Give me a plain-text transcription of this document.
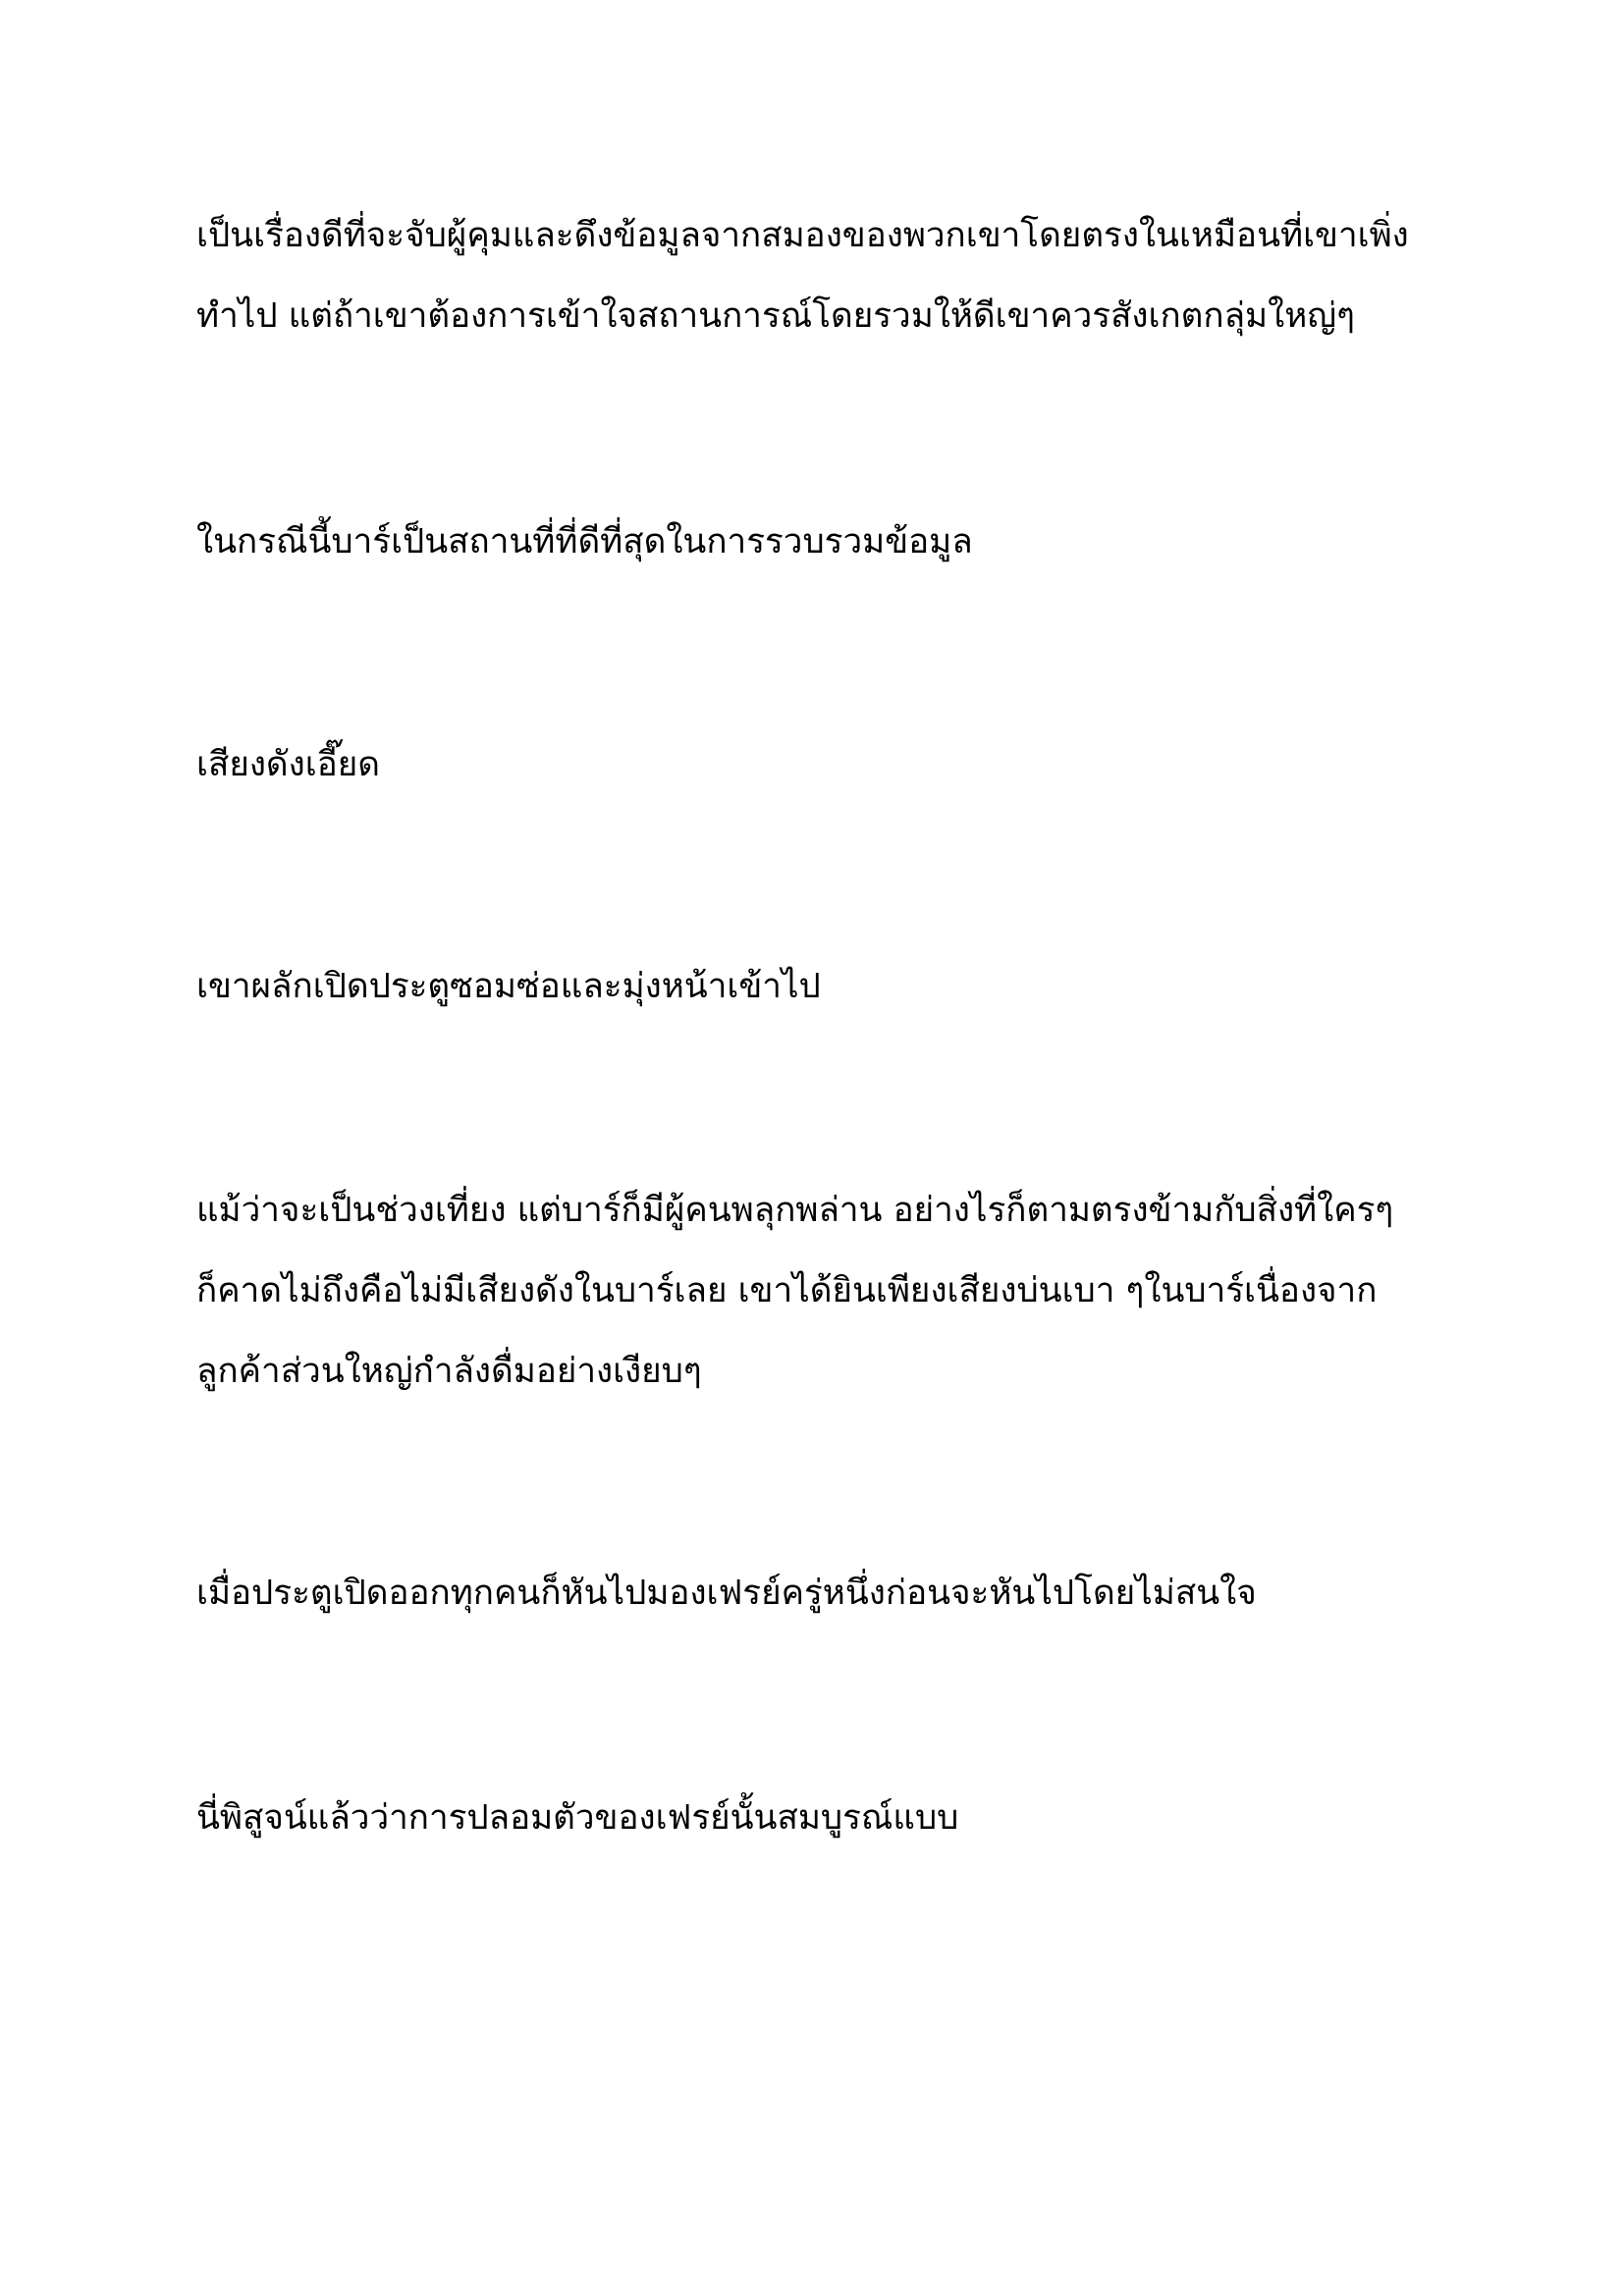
เป็นเรื่องดีที่จะจับผู้คุมและดึงข้อมูลจากสมองของพวกเขาโดยตรงในเหมือนที่เขาเพิ่ง
ทำไป แต่ถ้าเขาต้องการเข้าใจสถานการณ์โดยรวมให้ดีเขาควรสังเกตกลุ่มใหญ่ๆ

ในกรณีนี้บาร์เป็นสถานที่ที่ดีที่สุดในการรวบรวมข้อมูล

เสียงดังเอี๊ยด

เขาผลักเปิดประตูซอมซ่อและมุ่งหน้าเข้าไป

แม้ว่าจะเป็นช่วงเที่ยง แต่บาร์ก็มีผู้คนพลุกพล่าน อย่างไรก็ตามตรงข้ามกับสิ่งที่ใครๆ
ก็คาดไม่ถึงคือไม่มีเสียงดังในบาร์เลย เขาได้ยินเพียงเสียงบ่นเบา ๆในบาร์เนื่องจาก
ลูกค้าส่วนใหญ่กำลังดื่มอย่างเงียบๆ

เมื่อประตูเปิดออกทุกคนก็หันไปมองเฟรย์ครู่หนึ่งก่อนจะหันไปโดยไม่สนใจ

นี่พิสูจน์แล้วว่าการปลอมตัวของเฟรย์นั้นสมบูรณ์แบบ
